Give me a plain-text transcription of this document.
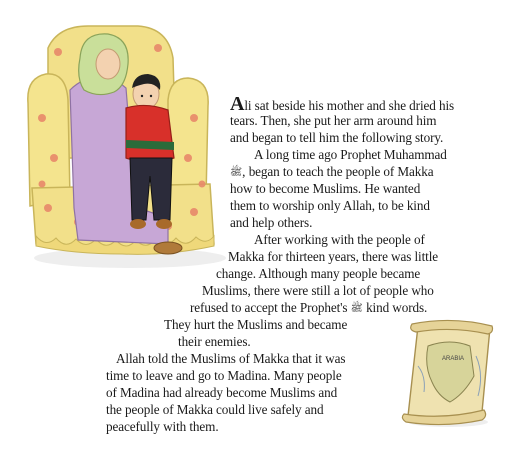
ARABIA
Ali sat beside his mother and she dried his
tears. Then, she put her arm around him
and began to tell him the following story.
A long time ago Prophet Muhammad
ﷺ, began to teach the people of Makka
how to become Muslims. He wanted
them to worship only Allah, to be kind
and help others.
After working with the people of
Makka for thirteen years, there was little
change. Although many people became
Muslims, there were still a lot of people who
refused to accept the Prophet's ﷺ kind words.
They hurt the Muslims and became
their enemies.
Allah told the Muslims of Makka that it was
time to leave and go to Madina. Many people
of Madina had already become Muslims and
the people of Makka could live safely and
peacefully with them.
